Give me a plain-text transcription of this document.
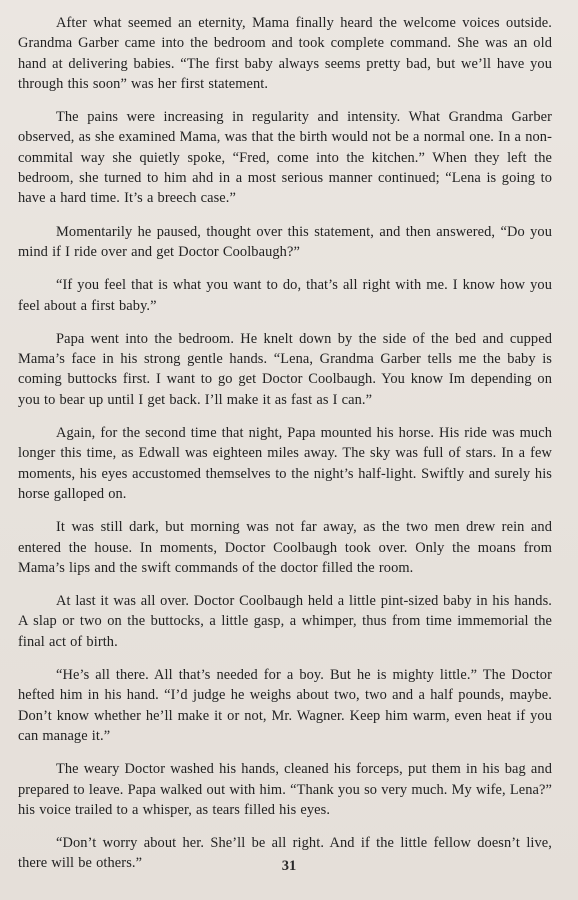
After what seemed an eternity, Mama finally heard the welcome voices outside. Grandma Garber came into the bedroom and took complete command. She was an old hand at delivering babies. “The first baby always seems pretty bad, but we’ll have you through this soon” was her first statement.

The pains were increasing in regularity and intensity. What Grandma Garber observed, as she examined Mama, was that the birth would not be a normal one. In a non-commital way she quietly spoke, “Fred, come into the kitchen.” When they left the bedroom, she turned to him ahd in a most serious manner continued; “Lena is going to have a hard time. It’s a breech case.”

Momentarily he paused, thought over this statement, and then answered, “Do you mind if I ride over and get Doctor Coolbaugh?”

“If you feel that is what you want to do, that’s all right with me. I know how you feel about a first baby.”

Papa went into the bedroom. He knelt down by the side of the bed and cupped Mama’s face in his strong gentle hands. “Lena, Grandma Garber tells me the baby is coming buttocks first. I want to go get Doctor Coolbaugh. You know Im depending on you to bear up until I get back. I’ll make it as fast as I can.”

Again, for the second time that night, Papa mounted his horse. His ride was much longer this time, as Edwall was eighteen miles away. The sky was full of stars. In a few moments, his eyes accustomed themselves to the night’s half-light. Swiftly and surely his horse galloped on.

It was still dark, but morning was not far away, as the two men drew rein and entered the house. In moments, Doctor Coolbaugh took over. Only the moans from Mama’s lips and the swift commands of the doctor filled the room.

At last it was all over. Doctor Coolbaugh held a little pint-sized baby in his hands. A slap or two on the buttocks, a little gasp, a whimper, thus from time immemorial the final act of birth.

“He’s all there. All that’s needed for a boy. But he is mighty little.” The Doctor hefted him in his hand. “I’d judge he weighs about two, two and a half pounds, maybe. Don’t know whether he’ll make it or not, Mr. Wagner. Keep him warm, even heat if you can manage it.”

The weary Doctor washed his hands, cleaned his forceps, put them in his bag and prepared to leave. Papa walked out with him. “Thank you so very much. My wife, Lena?” his voice trailed to a whisper, as tears filled his eyes.

“Don’t worry about her. She’ll be all right. And if the little fellow doesn’t live, there will be others.”	31
